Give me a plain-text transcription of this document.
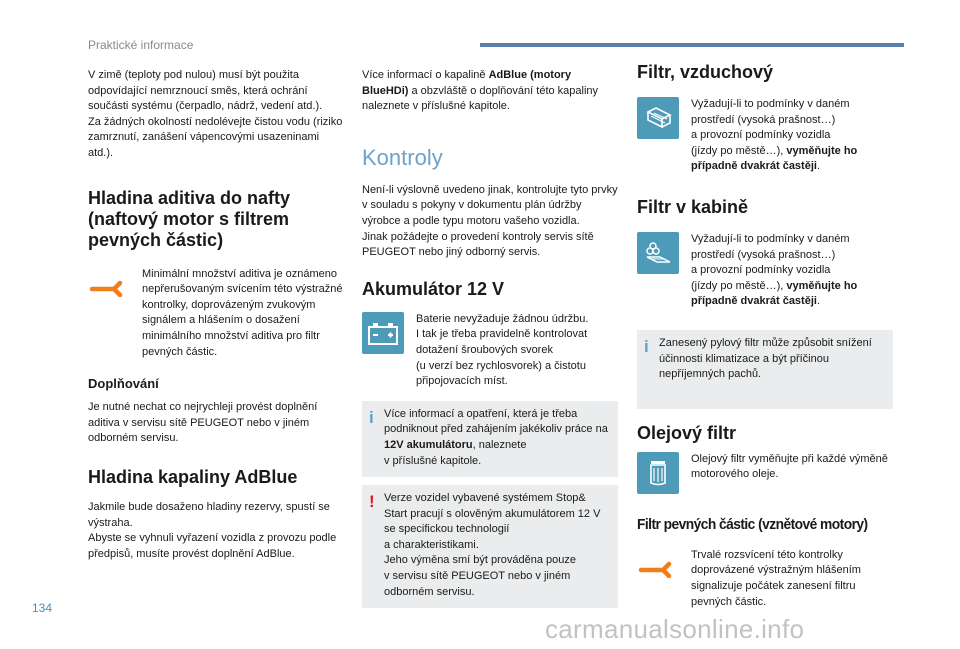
Praktické informace

V zimě (teploty pod nulou) musí být použita odpovídající nemrznoucí směs, která ochrání součásti systému (čerpadlo, nádrž, vedení atd.).
Za žádných okolností nedolévejte čistou vodu (riziko zamrznutí, zanášení vápencovými usazeninami atd.).

Hladina aditiva do nafty (naftový motor s filtrem pevných částic)

Minimální množství aditiva je oznámeno nepřerušovaným svícením této výstražné kontrolky, doprovázeným zvukovým signálem a hlášením o dosažení minimálního množství aditiva pro filtr pevných částic.

Doplňování

Je nutné nechat co nejrychleji provést doplnění aditiva v servisu sítě PEUGEOT nebo v jiném odborném servisu.

Hladina kapaliny AdBlue

Jakmile bude dosaženo hladiny rezervy, spustí se výstraha.
Abyste se vyhnuli vyřazení vozidla z provozu podle předpisů, musíte provést doplnění AdBlue.

Více informací o kapalině AdBlue (motory BlueHDi) a obzvláště o doplňování této kapaliny naleznete v příslušné kapitole.

Kontroly

Není-li výslovně uvedeno jinak, kontrolujte tyto prvky v souladu s pokyny v dokumentu plán údržby výrobce a podle typu motoru vašeho vozidla.
Jinak požádejte o provedení kontroly servis sítě PEUGEOT nebo jiný odborný servis.

Akumulátor 12 V

Baterie nevyžaduje žádnou údržbu.
I tak je třeba pravidelně kontrolovat dotažení šroubových svorek
(u verzí bez rychlosvorek) a čistotu připojovacích míst.

i Více informací a opatření, která je třeba podniknout před zahájením jakékoliv práce na 12V akumulátoru, naleznete
v příslušné kapitole.

! Verze vozidel vybavené systémem Stop& Start pracují s olověným akumulátorem 12 V se specifickou technologií
a charakteristikami.
Jeho výměna smí být prováděna pouze
v servisu sítě PEUGEOT nebo v jiném odborném servisu.

Filtr, vzduchový

Vyžadují-li to podmínky v daném prostředí (vysoká prašnost…)
a provozní podmínky vozidla
(jízdy po městě…), vyměňujte ho případně dvakrát častěji.

Filtr v kabině

Vyžadují-li to podmínky v daném prostředí (vysoká prašnost…)
a provozní podmínky vozidla
(jízdy po městě…), vyměňujte ho případně dvakrát častěji.

i Zanesený pylový filtr může způsobit snížení účinnosti klimatizace a být příčinou nepříjemných pachů.

Olejový filtr

Olejový filtr vyměňujte při každé výměně motorového oleje.

Filtr pevných částic (vznětové motory)

Trvalé rozsvícení této kontrolky doprovázené výstražným hlášením signalizuje počátek zanesení filtru pevných částic.

134
carmanualsonline.info
